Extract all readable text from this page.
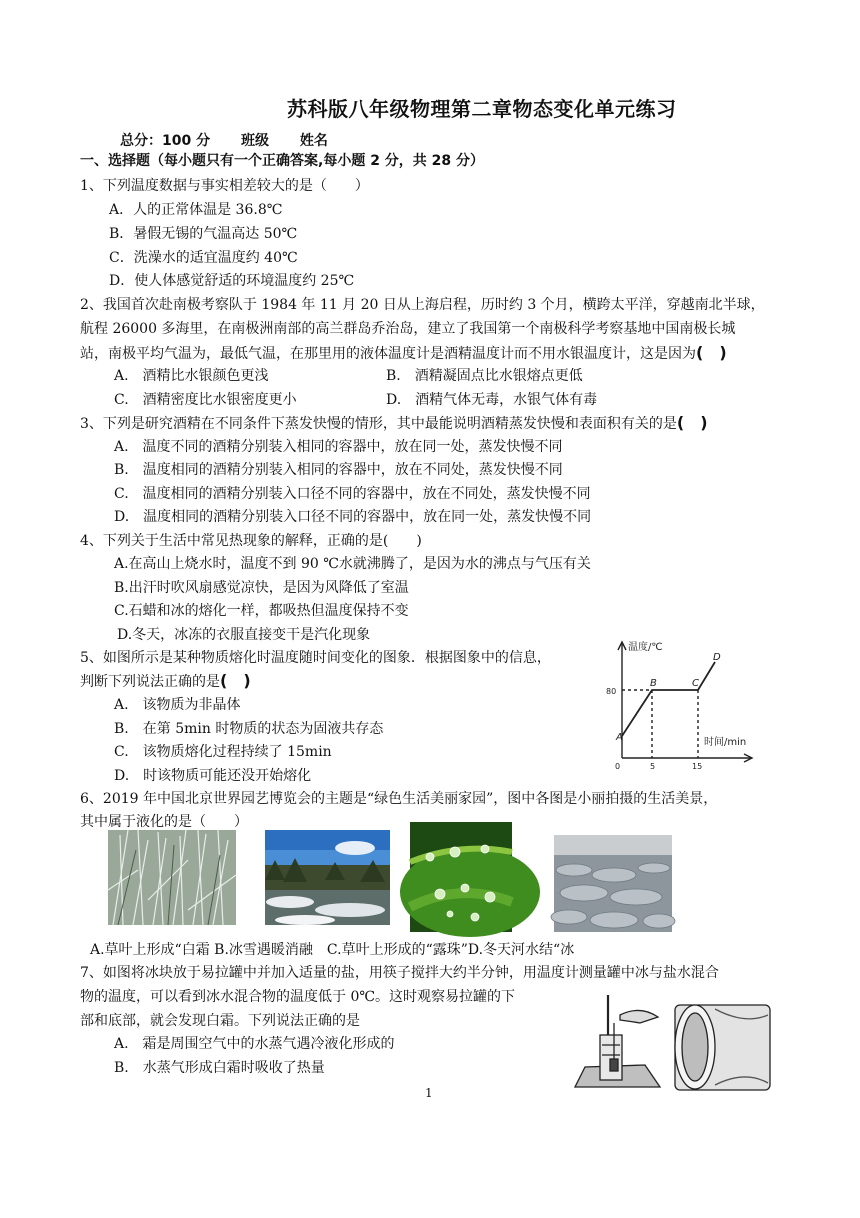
苏科版八年级物理第二章物态变化单元练习
总分：100 分 班级 姓名
一、选择题（每小题只有一个正确答案,每小题 2 分，共 28 分）
1、下列温度数据与事实相差较大的是（　　）
A．人的正常体温是 36.8℃
B．暑假无锡的气温高达 50℃
C．洗澡水的适宜温度约 40℃
D．使人体感觉舒适的环境温度约 25℃
2、我国首次赴南极考察队于 1984 年 11 月 20 日从上海启程，历时约 3 个月，横跨太平洋，穿越南北半球，
航程 26000 多海里，在南极洲南部的高兰群岛乔治岛，建立了我国第一个南极科学考察基地中国南极长城
站，南极平均气温为，最低气温，在那里用的液体温度计是酒精温度计而不用水银温度计，这是因为(　)
A.　酒精比水银颜色更浅	B.　酒精凝固点比水银熔点更低
C.　酒精密度比水银密度更小	D.　酒精气体无毒，水银气体有毒
3、下列是研究酒精在不同条件下蒸发快慢的情形，其中最能说明酒精蒸发快慢和表面积有关的是(　)
A.　温度不同的酒精分别装入相同的容器中，放在同一处，蒸发快慢不同
B.　温度相同的酒精分别装入相同的容器中，放在不同处，蒸发快慢不同
C.　温度相同的酒精分别装入口径不同的容器中，放在不同处，蒸发快慢不同
D.　温度相同的酒精分别装入口径不同的容器中，放在同一处，蒸发快慢不同
4、下列关于生活中常见热现象的解释，正确的是(　　)
A.在高山上烧水时，温度不到 90 ℃水就沸腾了，是因为水的沸点与气压有关
B.出汗时吹风扇感觉凉快，是因为风降低了室温
C.石蜡和冰的熔化一样，都吸热但温度保持不变
D.冬天，冰冻的衣服直接变干是汽化现象
5、如图所示是某种物质熔化时温度随时间变化的图象．根据图象中的信息，
判断下列说法正确的是(　)
A.　该物质为非晶体
B.　在第 5min 时物质的状态为固液共存态
C.　该物质熔化过程持续了 15min
D.　时该物质可能还没开始熔化
温度/℃
时间/min
80
5	15
0
A
B	C
D
6、2019 年中国北京世界园艺博览会的主题是“绿色生活美丽家园”，图中各图是小丽拍摄的生活美景，
其中属于液化的是（　　）
A.草叶上形成“白霜 B.冰雪遇暖消融　C.草叶上形成的“露珠”D.冬天河水结“冰
7、如图将冰块放于易拉罐中并加入适量的盐，用筷子搅拌大约半分钟，用温度计测量罐中冰与盐水混合
物的温度，可以看到冰水混合物的温度低于 0℃。这时观察易拉罐的下
部和底部，就会发现白霜。下列说法正确的是
A.　霜是周围空气中的水蒸气遇冷液化形成的
B.　水蒸气形成白霜时吸收了热量
1
